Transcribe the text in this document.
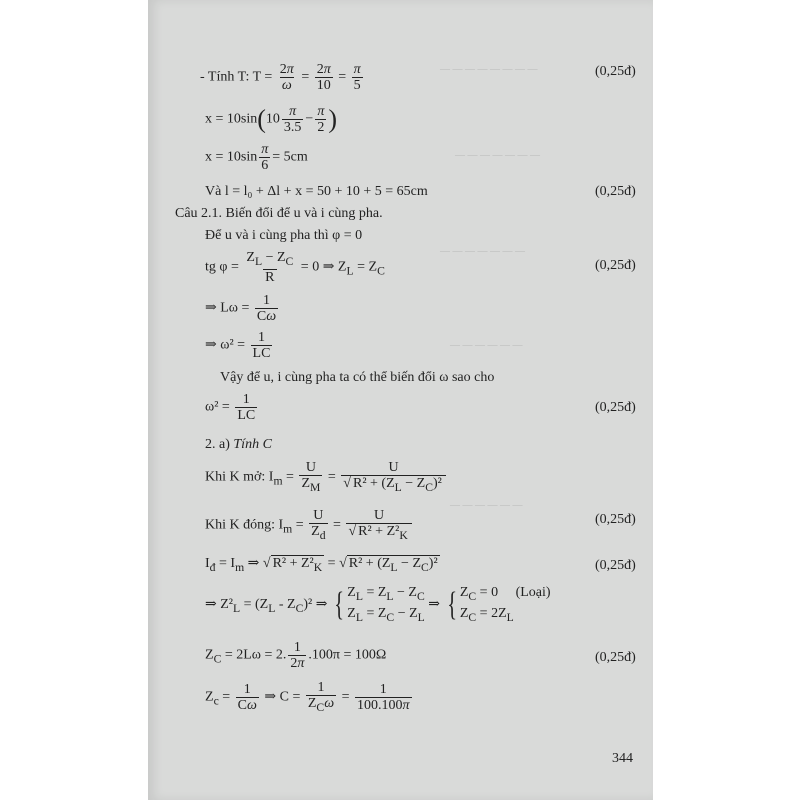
— — — — — — — —
— — — — — — —
— — — — — — —
— — — — — —
— — — — — —
- Tính T: $T = \frac{2\pi}{\omega} = \frac{2\pi}{10} = \frac{\pi}{5}$	(0,25đ)
$x = 10\sin(10 \frac{\pi}{3.5} - \frac{\pi}{2}$ )
$x = 10\sin \frac{\pi}{6} = 5cm$
Và l = l₀ + Δl + x = 50 + 10 + 5 = 65cm	(0,25đ)
Câu 2.1. Biến đổi để u và i cùng pha.
Để u và i cùng pha thì φ = 0
tg $\varphi = \frac{Z_L - Z_C}{R} = 0$ ⇒ $Z_L = Z_C$	(0,25đ)
⇒ $L\omega = \frac{1}{C\omega}$
⇒ $\omega^2 = \frac{1}{LC}$
Vậy để u, i cùng pha ta có thể biến đổi ω sao cho
$\omega^2 = \frac{1}{LC}$	(0,25đ)
2. a) Tính C
Khi K mở: $I_m = \frac{U}{Z_M} = \frac{U}{√ R^2 + (Z_L - Z_C)^2}$
Khi K đóng: $I_m = \frac{U}{Z_d} = \frac{U}{√ R^2 + Z^2_K}$	(0,25đ)
$I_đ = I_m$ ⇒ √ $R^2 + Z^2_K$ = √ $R^2 + (Z_L - Z_C)^2$	(0,25đ)
⇒ $Z^2_L = (Z_L - Z_C)^2$ ⇒ { $Z_L = Z_L - Z_C$
$Z_L = Z_C - Z_L$
⇒ { $Z_C = 0$     (Loại)
$Z_C = 2Z_L$
$Z_C = 2L\omega = 2$. $\frac{1}{2\pi} .100\pi = 100\Omega$	(0,25đ)
$Z_c = \frac{1}{C\omega}$ ⇒ $C = \frac{1}{Z_C\omega} = \frac{1}{100.100\pi}$
344
